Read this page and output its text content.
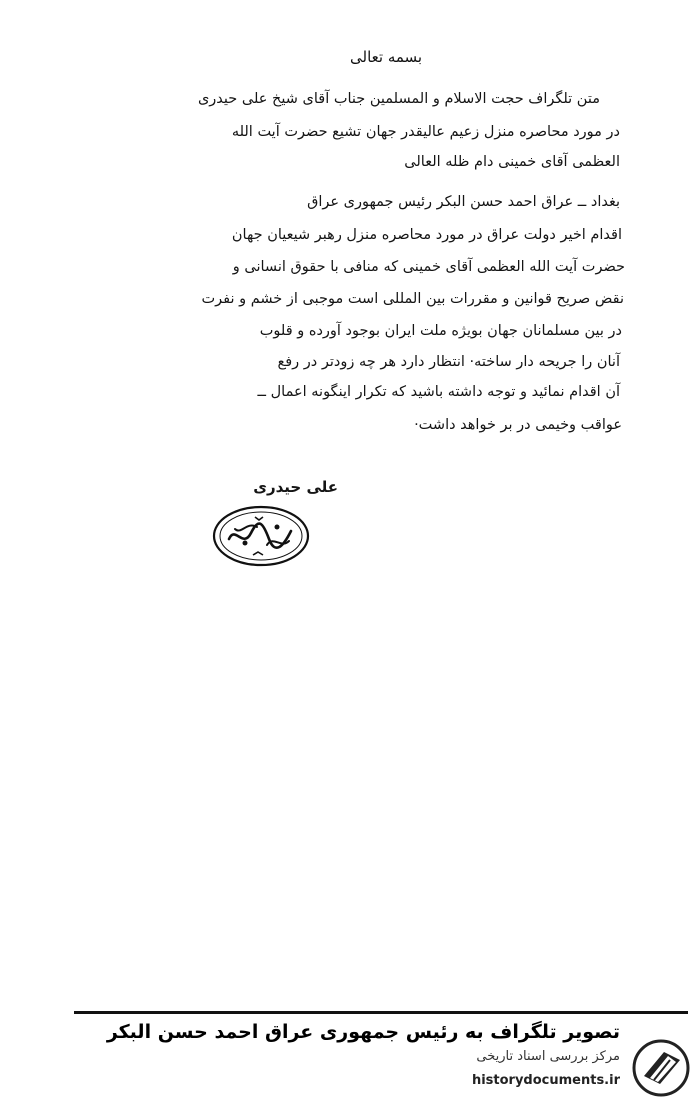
بسمه تعالی
متن تلگراف حجت الاسلام و المسلمین جناب آقای شیخ علی حیدری
در مورد محاصره منزل زعیم عالیقدر جهان تشیع حضرت آیت الله
العظمی آقای خمینی دام ظله العالی
بغداد ــ عراق احمد حسن البکر رئیس جمهوری عراق
اقدام اخیر دولت عراق در مورد محاصره منزل رهبر شیعیان جهان
حضرت آیت الله العظمی آقای خمینی که منافی با حقوق انسانی و
نقض صریح قوانین و مقررات بین المللی است موجبی از خشم و نفرت
در بین مسلمانان جهان بویژه ملت ایران بوجود آورده و قلوب
آنان را جریحه دار ساخته· انتظار دارد هر چه زودتر در رفع
آن اقدام نمائید و توجه داشته باشید که تکرار اینگونه اعمال ــ
عواقب وخیمی در بر خواهد داشت·
علی حیدری
تصویر تلگراف به رئیس جمهوری عراق احمد حسن البکر
مرکز بررسی اسناد تاریخی
historydocuments.ir
